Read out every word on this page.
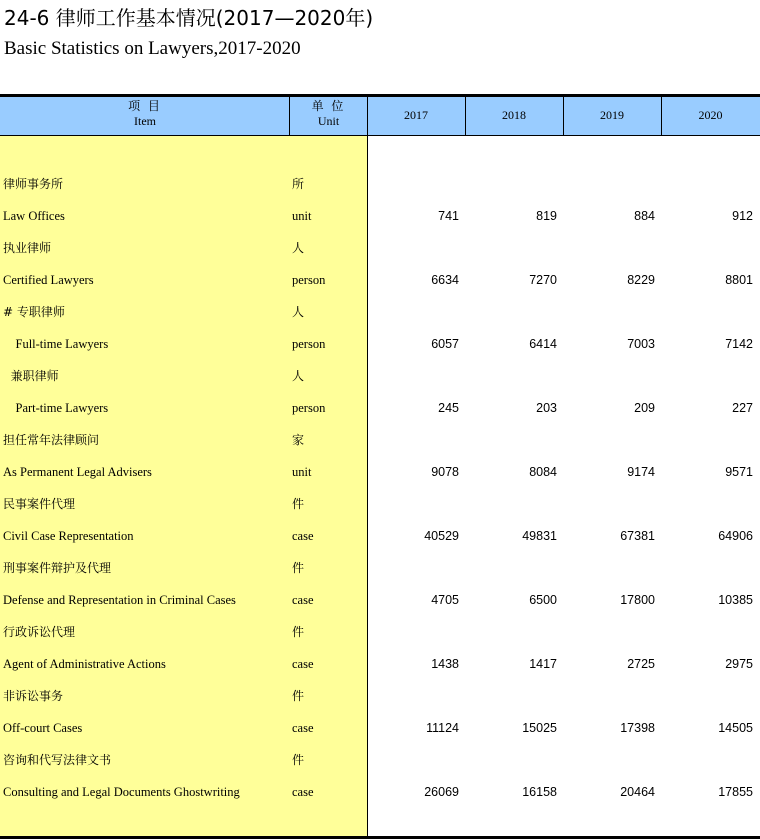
24-6 律师工作基本情况(2017—2020年)
Basic Statistics on Lawyers,2017-2020
项 目
Item
单 位
Unit	2017	2018	2019	2020
律师事务所	所
Law Offices	unit	741	819	884	912
执业律师	人
Certified Lawyers	person	6634	7270	8229	8801
# 专职律师	人
Full-time Lawyers	person	6057	6414	7003	7142
兼职律师	人
Part-time Lawyers	person	245	203	209	227
担任常年法律顾问	家
As Permanent Legal Advisers	unit	9078	8084	9174	9571
民事案件代理	件
Civil Case Representation	case	40529	49831	67381	64906
刑事案件辩护及代理	件
Defense and Representation in Criminal Cases	case	4705	6500	17800	10385
行政诉讼代理	件
Agent of Administrative Actions	case	1438	1417	2725	2975
非诉讼事务	件
Off-court Cases	case	11124	15025	17398	14505
咨询和代写法律文书	件
Consulting and Legal Documents Ghostwriting	case	26069	16158	20464	17855
